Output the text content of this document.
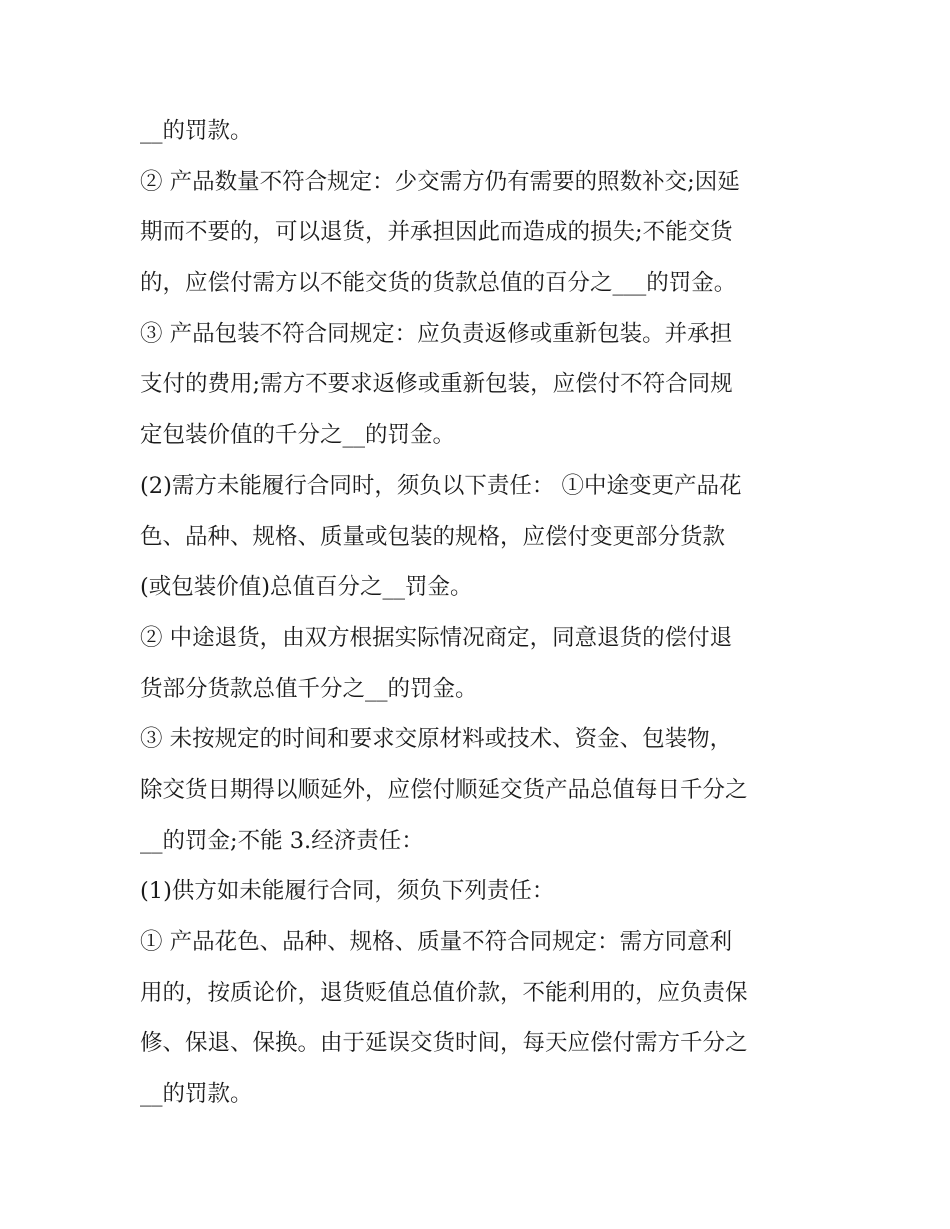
__的罚款。
② 产品数量不符合规定：少交需方仍有需要的照数补交;因延
期而不要的，可以退货，并承担因此而造成的损失;不能交货
的，应偿付需方以不能交货的货款总值的百分之___的罚金。
③ 产品包装不符合同规定：应负责返修或重新包装。并承担
支付的费用;需方不要求返修或重新包装，应偿付不符合同规
定包装价值的千分之__的罚金。
(2)需方未能履行合同时，须负以下责任： ①中途变更产品花
色、品种、规格、质量或包装的规格，应偿付变更部分货款
(或包装价值)总值百分之__罚金。
② 中途退货，由双方根据实际情况商定，同意退货的偿付退
货部分货款总值千分之__的罚金。
③ 未按规定的时间和要求交原材料或技术、资金、包装物，
除交货日期得以顺延外，应偿付顺延交货产品总值每日千分之
__的罚金;不能 3.经济责任：
(1)供方如未能履行合同，须负下列责任：
① 产品花色、品种、规格、质量不符合同规定：需方同意利
用的，按质论价，退货贬值总值价款，不能利用的，应负责保
修、保退、保换。由于延误交货时间，每天应偿付需方千分之
__的罚款。
